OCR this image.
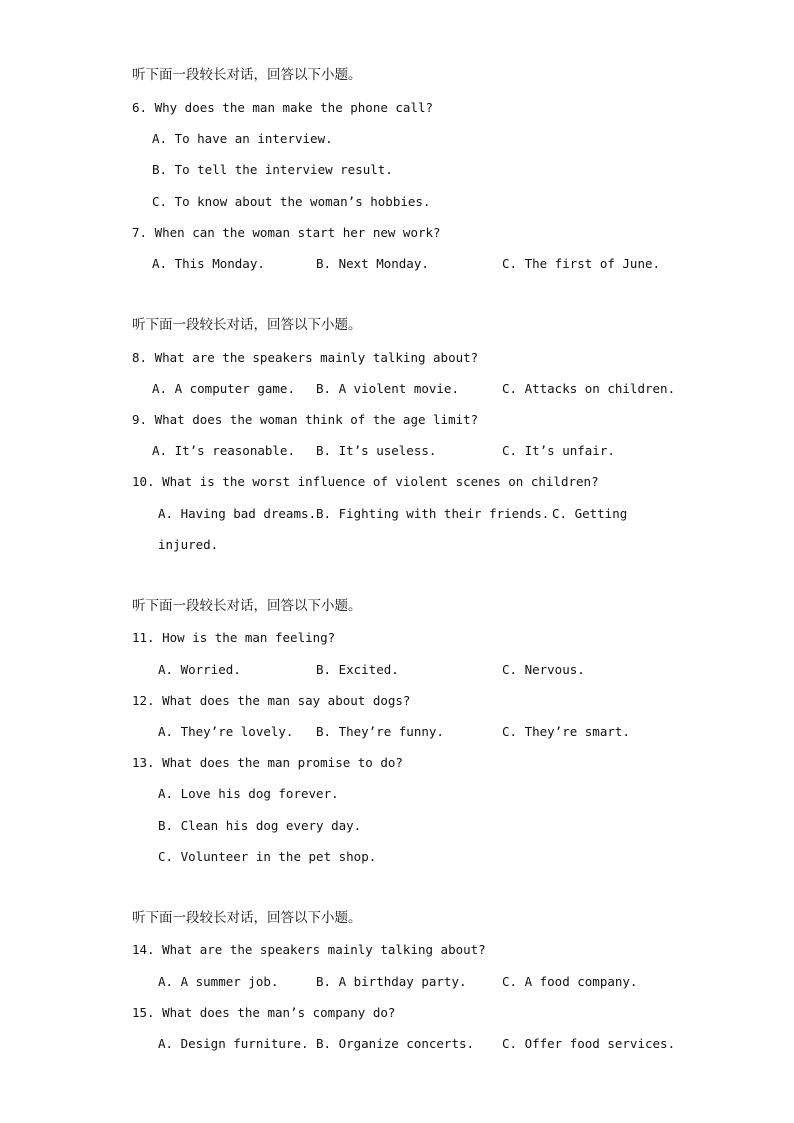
听下面一段较长对话，回答以下小题。
6. Why does the man make the phone call?
A. To have an interview.
B. To tell the interview result.
C. To know about the woman’s hobbies.
7. When can the woman start her new work?
A. This Monday.	B. Next Monday.	C. The first of June.
听下面一段较长对话，回答以下小题。
8. What are the speakers mainly talking about?
A. A computer game. B. A violent movie.	C. Attacks on children.
9. What does the woman think of the age limit?
A. It’s reasonable. B. It’s useless.	C. It’s unfair.
10. What is the worst influence of violent scenes on children?
A. Having bad dreams. B. Fighting with their friends. C. Getting
injured.
听下面一段较长对话，回答以下小题。
11. How is the man feeling?
A. Worried.	B. Excited.	C. Nervous.
12. What does the man say about dogs?
A. They’re lovely. B. They’re funny.	C. They’re smart.
13. What does the man promise to do?
A. Love his dog forever.
B. Clean his dog every day.
C. Volunteer in the pet shop.
听下面一段较长对话，回答以下小题。
14. What are the speakers mainly talking about?
A. A summer job.	B. A birthday party.	C. A food company.
15. What does the man’s company do?
A. Design furniture. B. Organize concerts. C. Offer food services.
